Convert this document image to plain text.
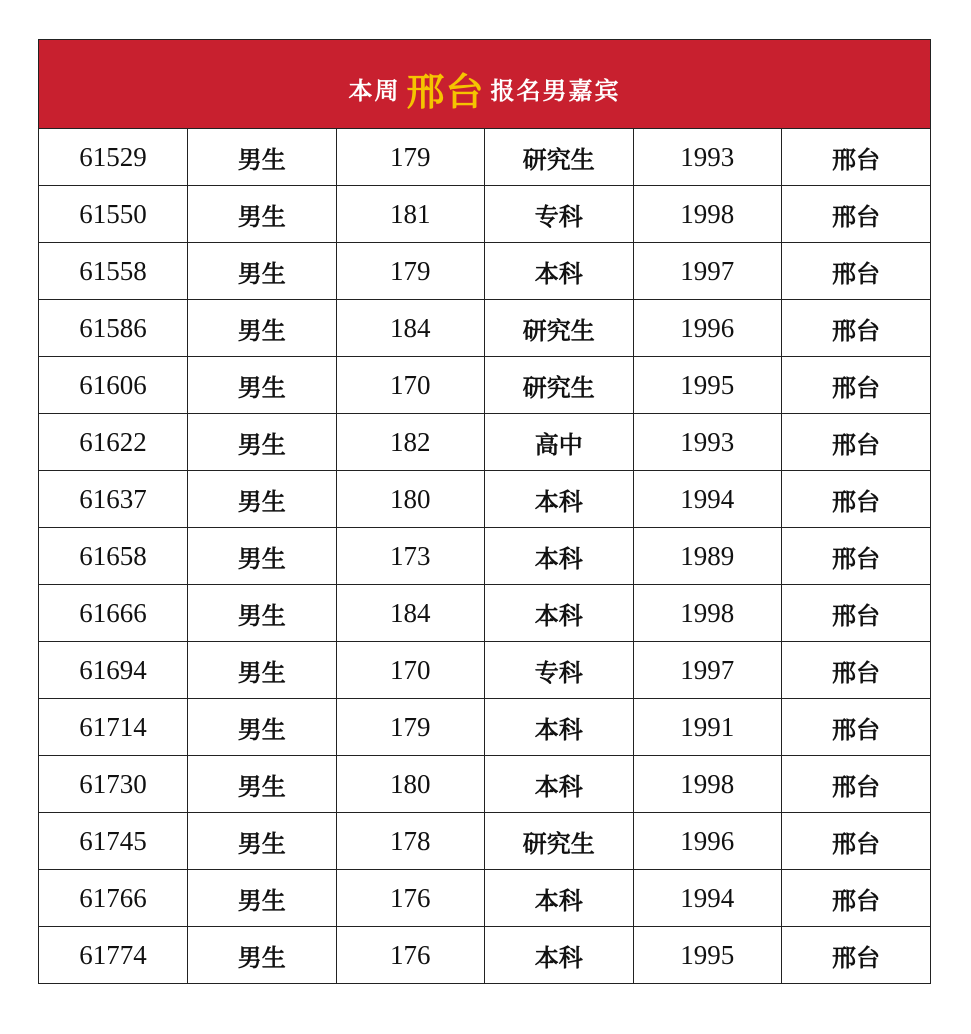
本周 邢台 报名男嘉宾
61529	男生	179	研究生	1993	邢台
61550	男生	181	专科	1998	邢台
61558	男生	179	本科	1997	邢台
61586	男生	184	研究生	1996	邢台
61606	男生	170	研究生	1995	邢台
61622	男生	182	高中	1993	邢台
61637	男生	180	本科	1994	邢台
61658	男生	173	本科	1989	邢台
61666	男生	184	本科	1998	邢台
61694	男生	170	专科	1997	邢台
61714	男生	179	本科	1991	邢台
61730	男生	180	本科	1998	邢台
61745	男生	178	研究生	1996	邢台
61766	男生	176	本科	1994	邢台
61774	男生	176	本科	1995	邢台
